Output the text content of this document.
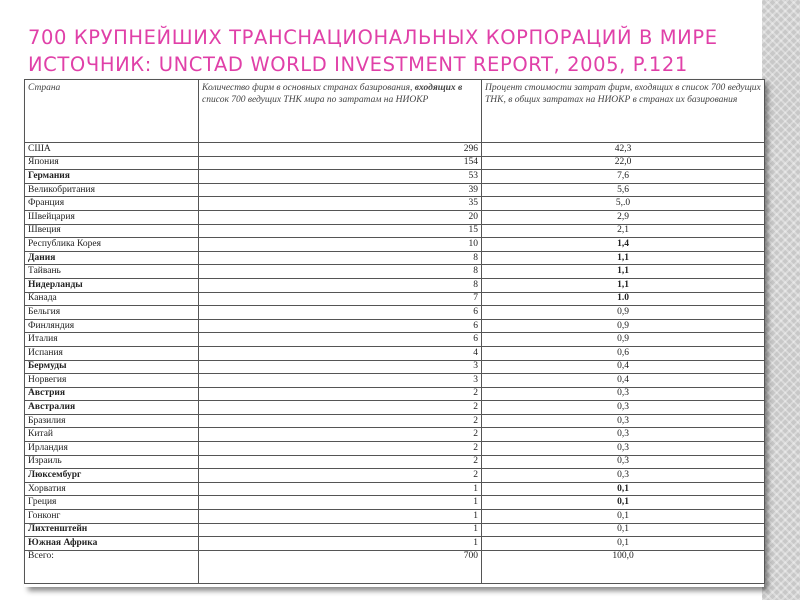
700 КРУПНЕЙШИХ ТРАНСНАЦИОНАЛЬНЫХ КОРПОРАЦИЙ В МИРЕ
ИСТОЧНИК: UNCTAD WORLD INVESTMENT REPORT, 2005, P.121
Страна	Количество фирм в основных странах базирования, входящих в список 700 ведущих ТНК мира по затратам на НИОКР	Процент стоимости затрат фирм, входящих в список 700 ведущих ТНК, в общих затратах на НИОКР в странах их базирования
США	296	42,3
Япония	154	22,0
Германия	53	7,6
Великобритания	39	5,6
Франция	35	5,.0
Швейцария	20	2,9
Швеция	15	2,1
Республика Корея	10	1,4
Дания	8	1,1
Тайвань	8	1,1
Нидерланды	8	1,1
Канада	7	1.0
Бельгия	6	0,9
Финляндия	6	0,9
Италия	6	0,9
Испания	4	0,6
Бермуды	3	0,4
Норвегия	3	0,4
Австрия	2	0,3
Австралия	2	0,3
Бразилия	2	0,3
Китай	2	0,3
Ирландия	2	0,3
Израиль	2	0,3
Люксембург	2	0,3
Хорватия	1	0,1
Греция	1	0,1
Гонконг	1	0,1
Лихтенштейн	1	0,1
Южная Африка	1	0,1
Всего:	700	100,0
